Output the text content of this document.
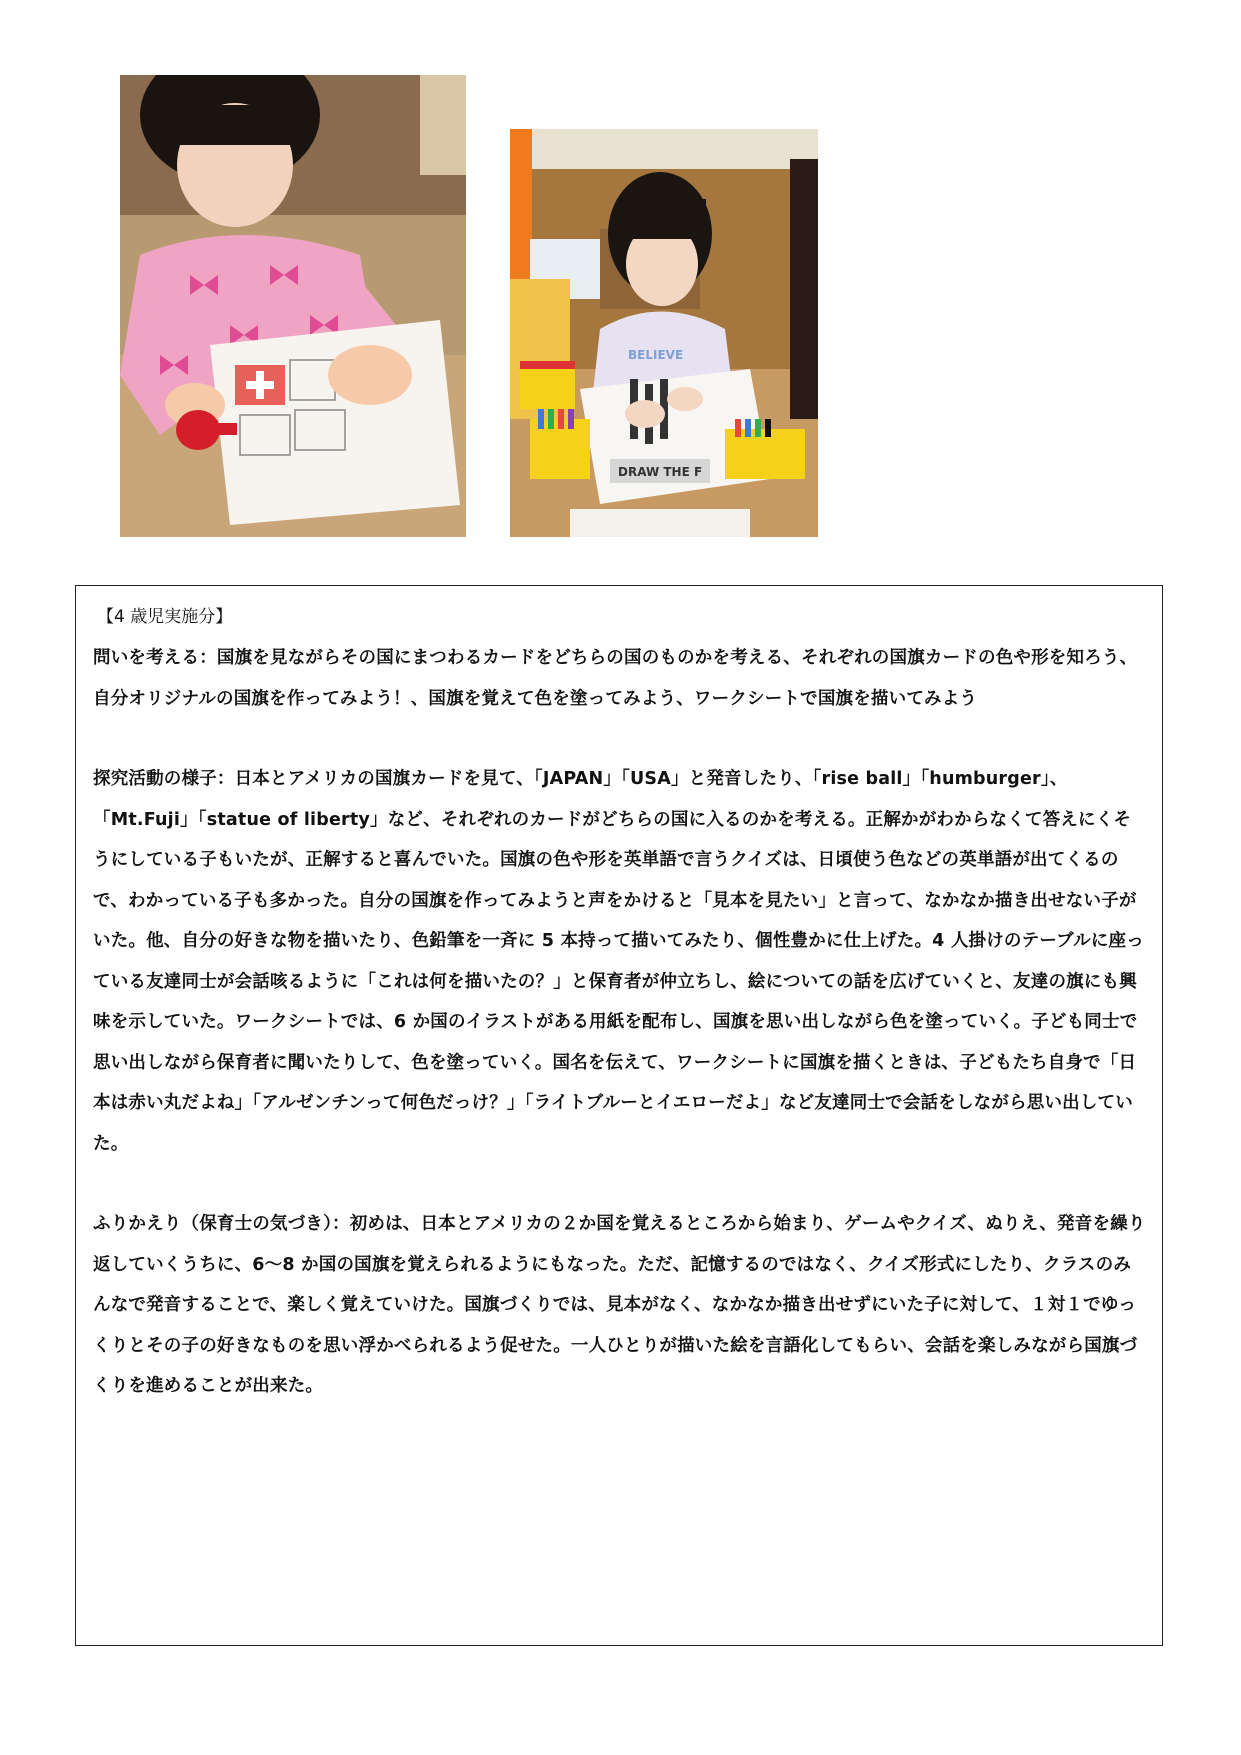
BELIEVE
DRAW THE F

【4 歳児実施分】

問いを考える：国旗を見ながらその国にまつわるカードをどちらの国のものかを考える、それぞれの国旗カードの色や形を知ろう、自分オリジナルの国旗を作ってみよう！、国旗を覚えて色を塗ってみよう、ワークシートで国旗を描いてみよう

探究活動の様子：日本とアメリカの国旗カードを見て、「JAPAN」「USA」と発音したり、「rise ball」「humburger」、「Mt.Fuji」「statue of liberty」など、それぞれのカードがどちらの国に入るのかを考える。正解かがわからなくて答えにくそうにしている子もいたが、正解すると喜んでいた。国旗の色や形を英単語で言うクイズは、日頃使う色などの英単語が出てくるので、わかっている子も多かった。自分の国旗を作ってみようと声をかけると「見本を見たい」と言って、なかなか描き出せない子がいた。他、自分の好きな物を描いたり、色鉛筆を一斉に 5 本持って描いてみたり、個性豊かに仕上げた。4 人掛けのテーブルに座っている友達同士が会話咳るように「これは何を描いたの？」と保育者が仲立ちし、絵についての話を広げていくと、友達の旗にも興味を示していた。ワークシートでは、6 か国のイラストがある用紙を配布し、国旗を思い出しながら色を塗っていく。子ども同士で思い出しながら保育者に聞いたりして、色を塗っていく。国名を伝えて、ワークシートに国旗を描くときは、子どもたち自身で「日本は赤い丸だよね」「アルゼンチンって何色だっけ？」「ライトブルーとイエローだよ」など友達同士で会話をしながら思い出していた。

ふりかえり（保育士の気づき）：初めは、日本とアメリカの２か国を覚えるところから始まり、ゲームやクイズ、ぬりえ、発音を繰り返していくうちに、6〜8 か国の国旗を覚えられるようにもなった。ただ、記憶するのではなく、クイズ形式にしたり、クラスのみんなで発音することで、楽しく覚えていけた。国旗づくりでは、見本がなく、なかなか描き出せずにいた子に対して、１対１でゆっくりとその子の好きなものを思い浮かべられるよう促せた。一人ひとりが描いた絵を言語化してもらい、会話を楽しみながら国旗づくりを進めることが出来た。
